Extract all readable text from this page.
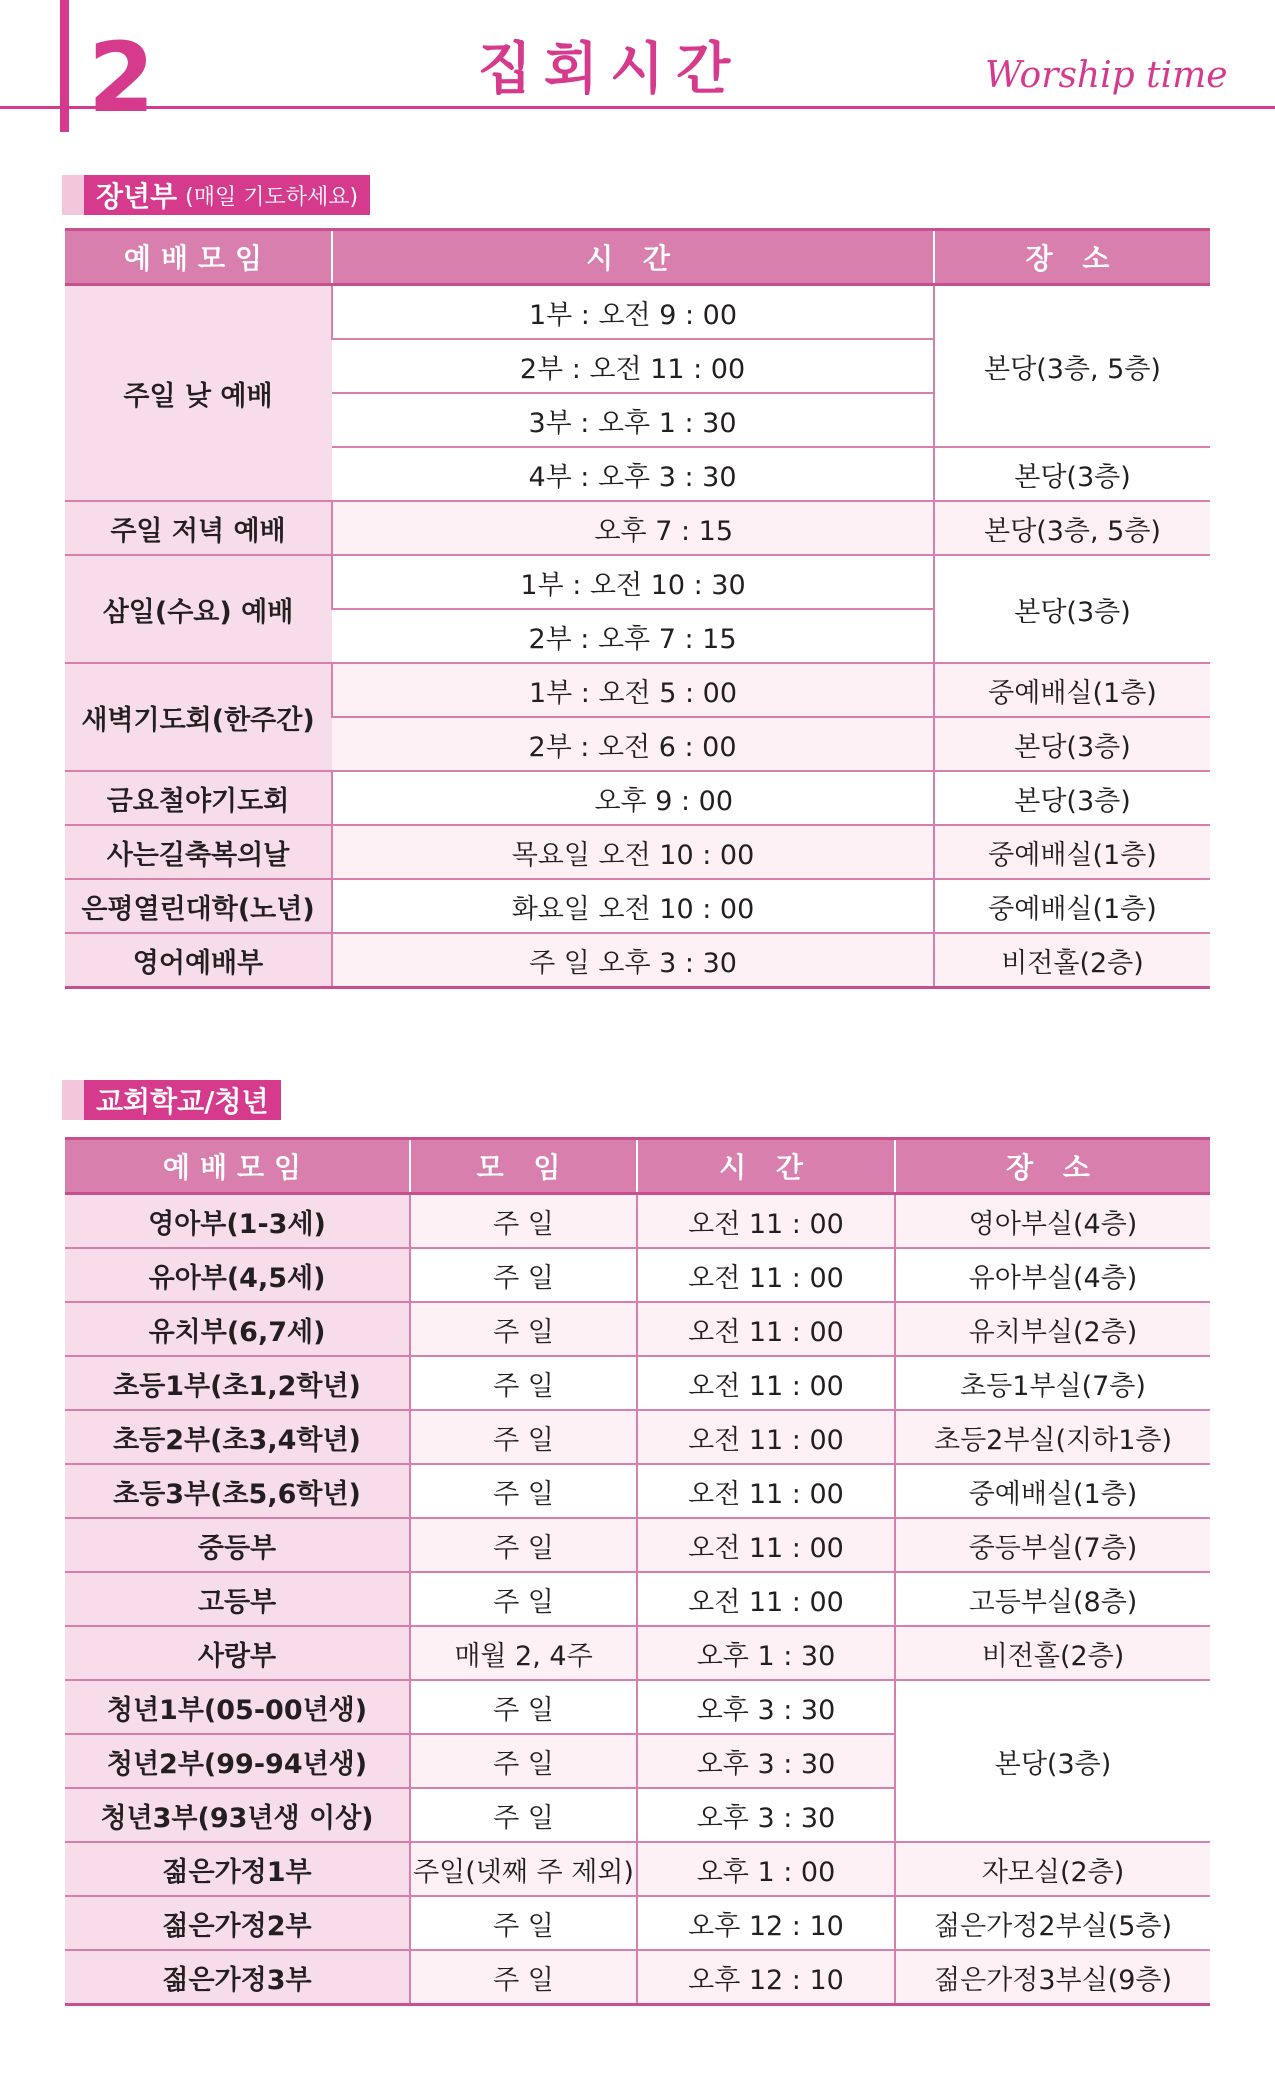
2	집회시간	Worship time
장년부 (매일 기도하세요)
예배모임	시 간	장 소
주일 낮 예배	1부 : 오전 9 : 00	본당(3층, 5층)
	2부 : 오전 11 : 00	
	3부 : 오후 1 : 30	
	4부 : 오후 3 : 30	본당(3층)
주일 저녁 예배	오후 7 : 15	본당(3층, 5층)
삼일(수요) 예배	1부 : 오전 10 : 30	본당(3층)
	2부 : 오후 7 : 15	
새벽기도회(한주간)	1부 : 오전 5 : 00	중예배실(1층)
	2부 : 오전 6 : 00	본당(3층)
금요철야기도회	오후 9 : 00	본당(3층)
사는길축복의날	목요일 오전 10 : 00	중예배실(1층)
은평열린대학(노년)	화요일 오전 10 : 00	중예배실(1층)
영어예배부	주 일 오후 3 : 30	비전홀(2층)
교회학교/청년
예배모임	모 임	시 간	장 소
영아부(1-3세)	주 일	오전 11 : 00	영아부실(4층)
유아부(4,5세)	주 일	오전 11 : 00	유아부실(4층)
유치부(6,7세)	주 일	오전 11 : 00	유치부실(2층)
초등1부(초1,2학년)	주 일	오전 11 : 00	초등1부실(7층)
초등2부(초3,4학년)	주 일	오전 11 : 00	초등2부실(지하1층)
초등3부(초5,6학년)	주 일	오전 11 : 00	중예배실(1층)
중등부	주 일	오전 11 : 00	중등부실(7층)
고등부	주 일	오전 11 : 00	고등부실(8층)
사랑부	매월 2, 4주	오후 1 : 30	비전홀(2층)
청년1부(05-00년생)	주 일	오후 3 : 30	본당(3층)
청년2부(99-94년생)	주 일	오후 3 : 30	
청년3부(93년생 이상)	주 일	오후 3 : 30	
젊은가정1부	주일(넷째 주 제외)	오후 1 : 00	자모실(2층)
젊은가정2부	주 일	오후 12 : 10	젊은가정2부실(5층)
젊은가정3부	주 일	오후 12 : 10	젊은가정3부실(9층)
